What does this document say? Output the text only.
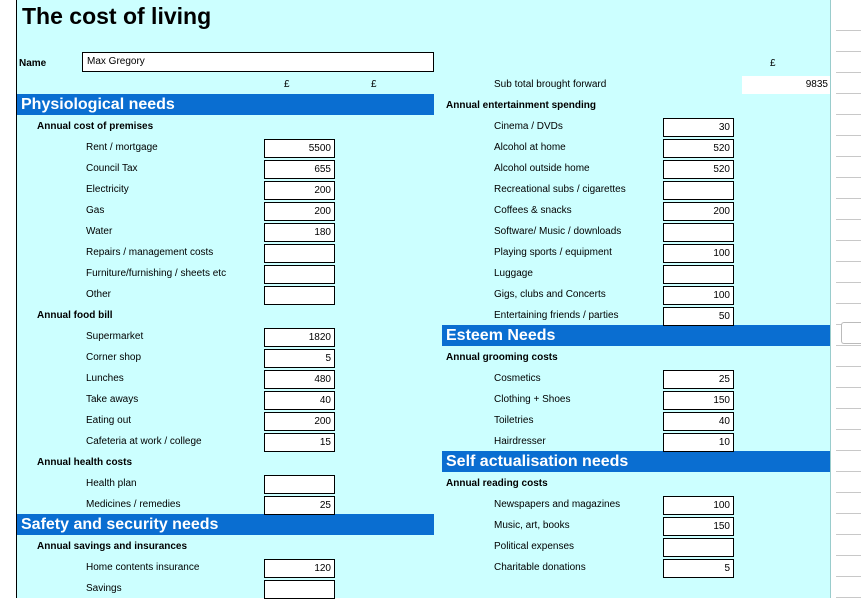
The cost of living
Name	Max Gregory
£	£
£
Sub total brought forward	9835
Physiological needs
Safety and security needs
Esteem Needs
Self actualisation needs
Annual cost of premises
Annual food bill
Annual health costs
Annual savings and insurances
Annual entertainment spending
Annual grooming costs
Annual reading costs
Rent / mortgage	5500
Council Tax	655
Electricity	200
Gas	200
Water	180
Repairs / management costs
Furniture/furnishing / sheets etc
Other
Supermarket	1820
Corner shop	5
Lunches	480
Take aways	40
Eating out	200
Cafeteria at work / college	15
Health plan
Medicines / remedies	25
Home contents insurance	120
Savings
Cinema / DVDs	30
Alcohol at home	520
Alcohol outside home	520
Recreational subs / cigarettes
Coffees & snacks	200
Software/ Music / downloads
Playing sports / equipment	100
Luggage
Gigs, clubs and Concerts	100
Entertaining friends / parties	50
Cosmetics	25
Clothing + Shoes	150
Toiletries	40
Hairdresser	10
Newspapers and magazines	100
Music, art, books	150
Political expenses
Charitable donations	5
